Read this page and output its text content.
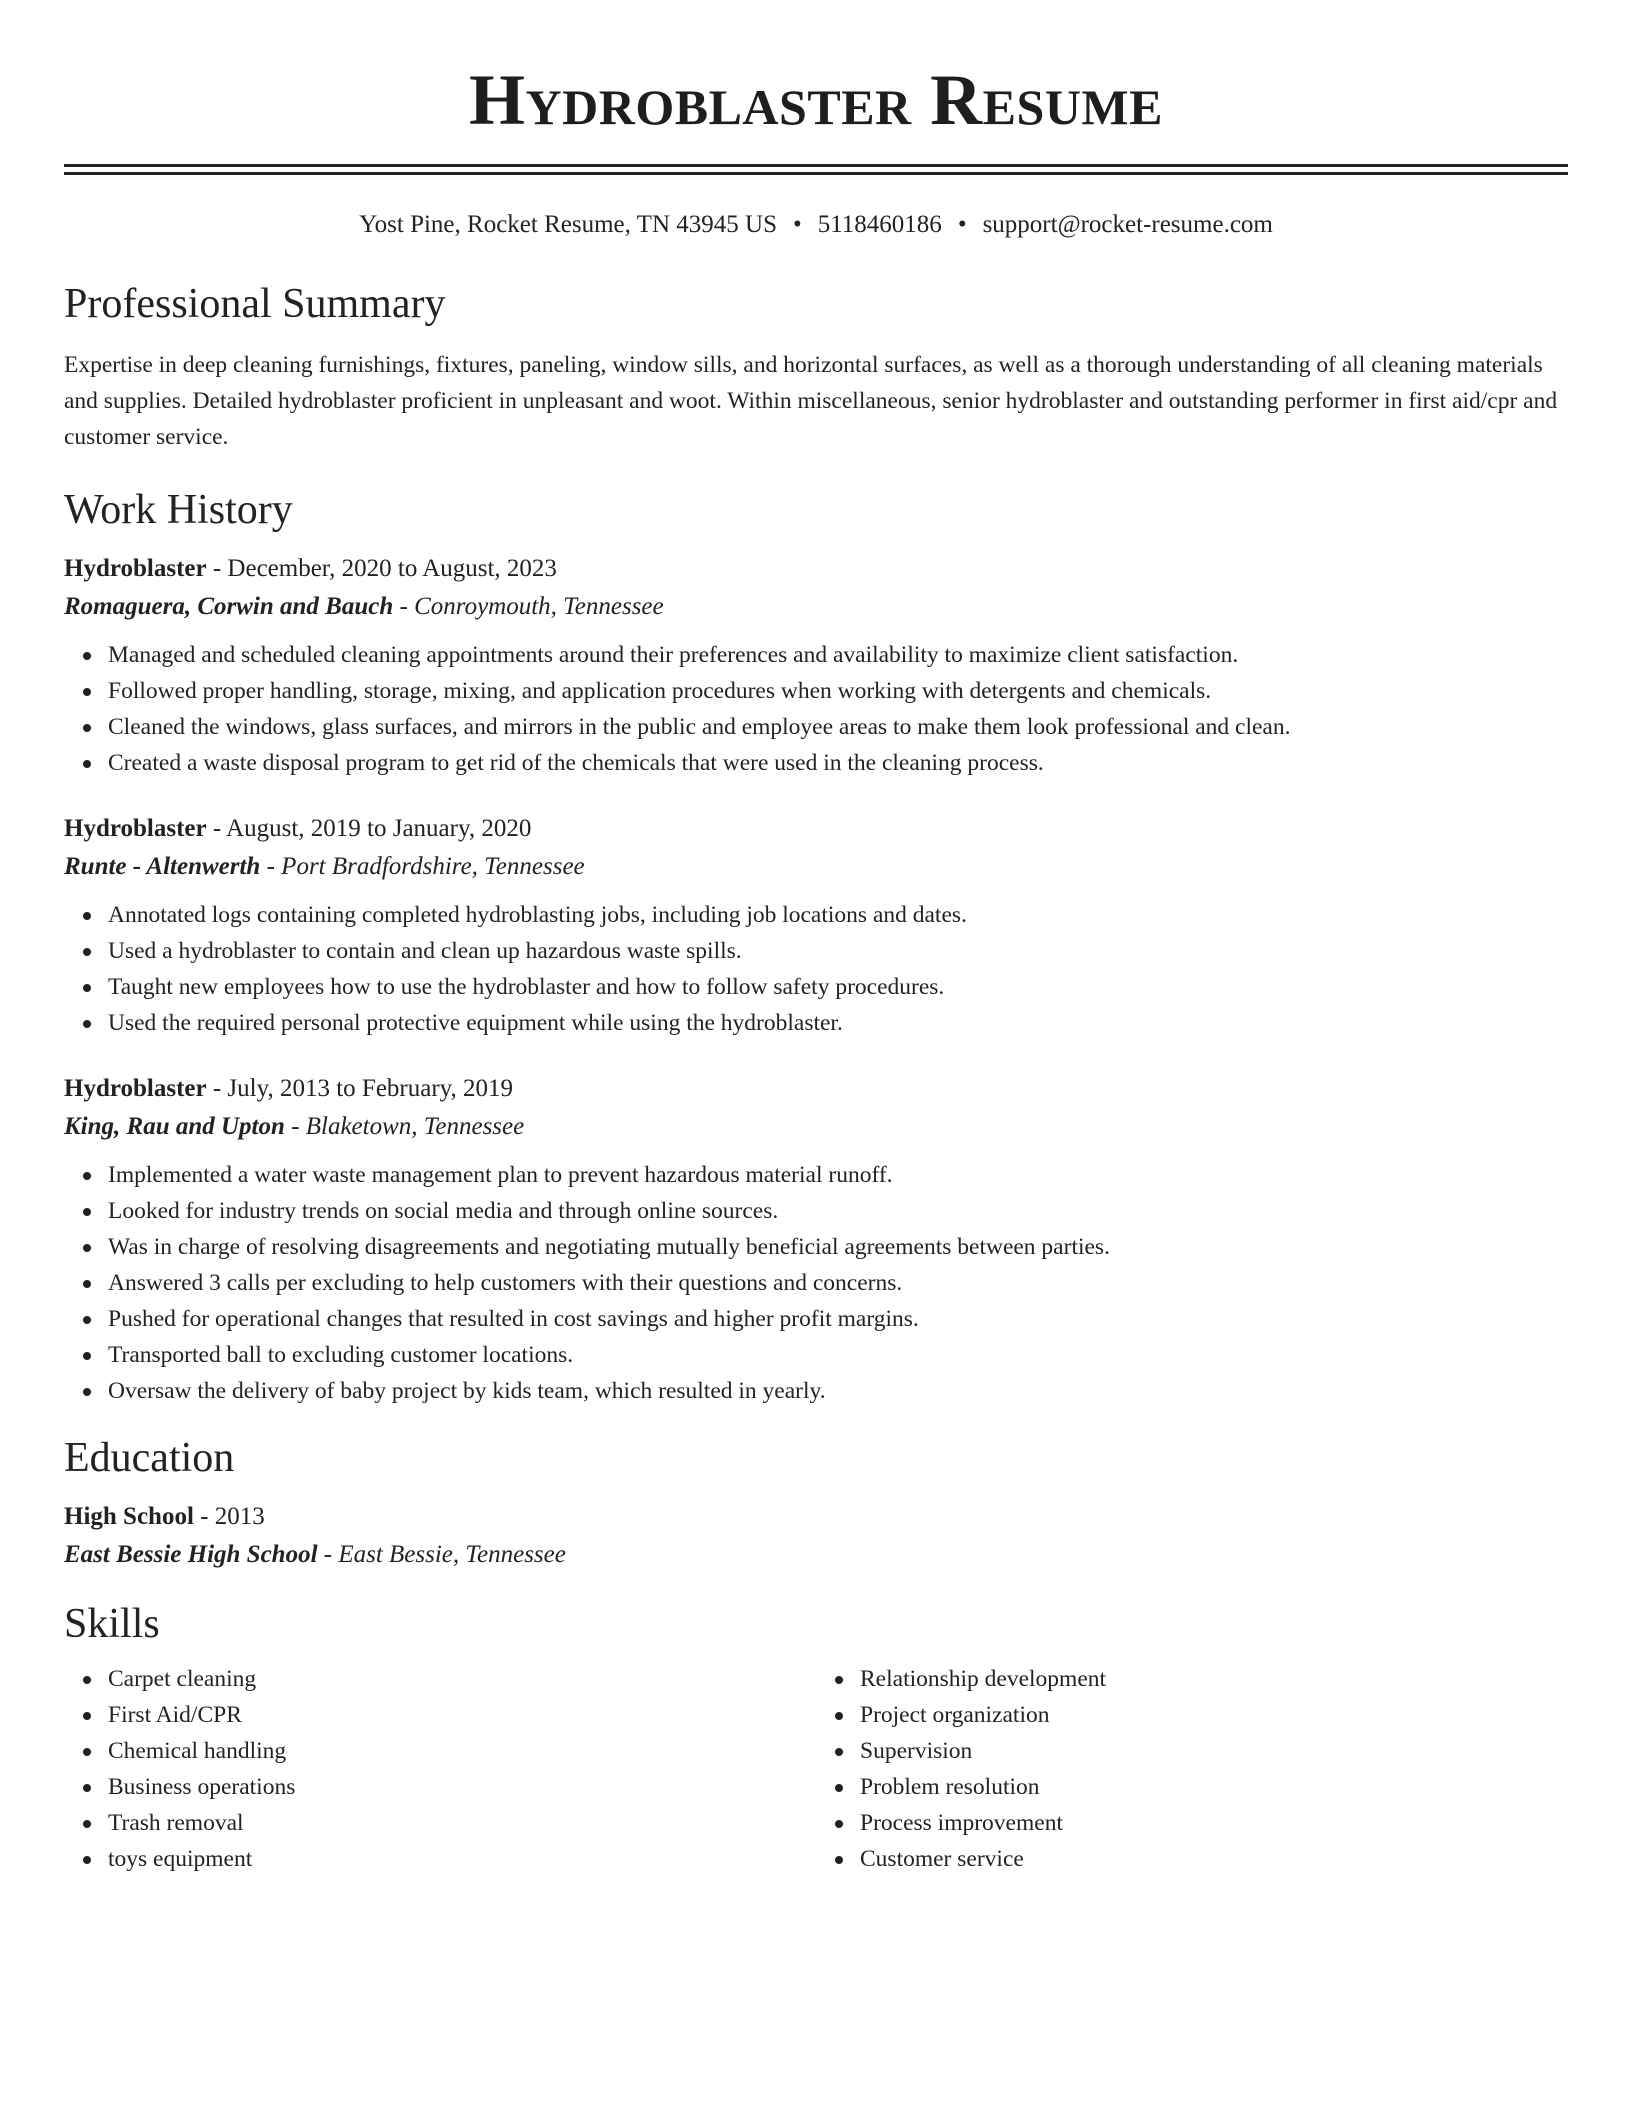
Hydroblaster Resume
Yost Pine, Rocket Resume, TN 43945 US • 5118460186 • support@rocket-resume.com
Professional Summary

Expertise in deep cleaning furnishings, fixtures, paneling, window sills, and horizontal surfaces, as well as a thorough understanding of all cleaning materials and supplies. Detailed hydroblaster proficient in unpleasant and woot. Within miscellaneous, senior hydroblaster and outstanding performer in first aid/cpr and customer service.

Work History
Hydroblaster - December, 2020 to August, 2023
Romaguera, Corwin and Bauch - Conroymouth, Tennessee
Managed and scheduled cleaning appointments around their preferences and availability to maximize client satisfaction.
Followed proper handling, storage, mixing, and application procedures when working with detergents and chemicals.
Cleaned the windows, glass surfaces, and mirrors in the public and employee areas to make them look professional and clean.
Created a waste disposal program to get rid of the chemicals that were used in the cleaning process.
Hydroblaster - August, 2019 to January, 2020
Runte - Altenwerth - Port Bradfordshire, Tennessee
Annotated logs containing completed hydroblasting jobs, including job locations and dates.
Used a hydroblaster to contain and clean up hazardous waste spills.
Taught new employees how to use the hydroblaster and how to follow safety procedures.
Used the required personal protective equipment while using the hydroblaster.
Hydroblaster - July, 2013 to February, 2019
King, Rau and Upton - Blaketown, Tennessee
Implemented a water waste management plan to prevent hazardous material runoff.
Looked for industry trends on social media and through online sources.
Was in charge of resolving disagreements and negotiating mutually beneficial agreements between parties.
Answered 3 calls per excluding to help customers with their questions and concerns.
Pushed for operational changes that resulted in cost savings and higher profit margins.
Transported ball to excluding customer locations.
Oversaw the delivery of baby project by kids team, which resulted in yearly.
Education
High School - 2013
East Bessie High School - East Bessie, Tennessee
Skills
Carpet cleaning
First Aid/CPR
Chemical handling
Business operations
Trash removal
toys equipment
Relationship development
Project organization
Supervision
Problem resolution
Process improvement
Customer service
